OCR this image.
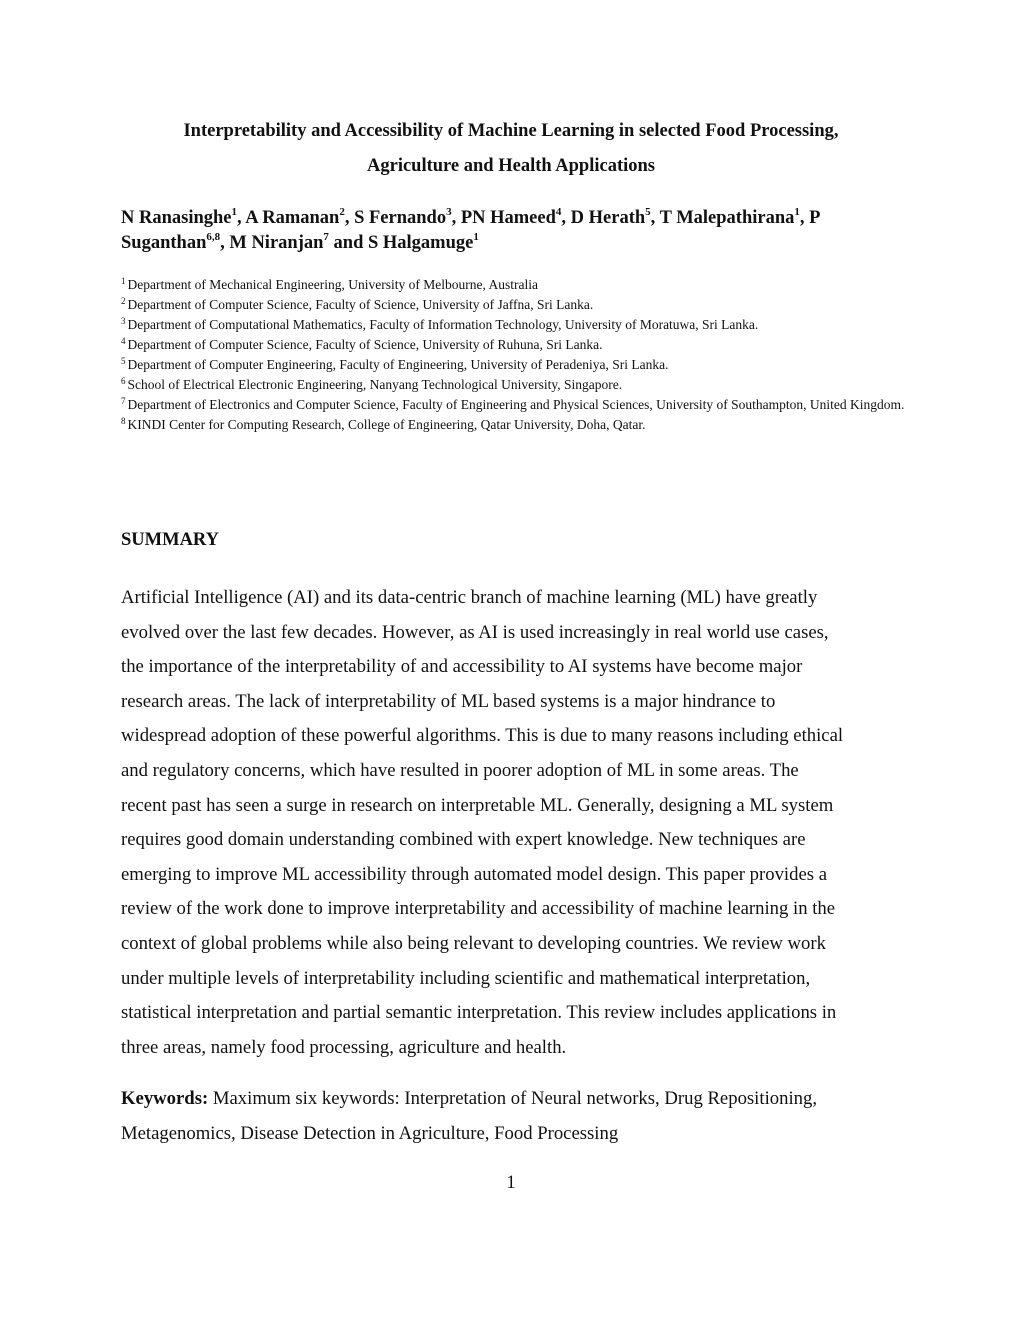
Interpretability and Accessibility of Machine Learning in selected Food Processing,
Agriculture and Health Applications
N Ranasinghe$^1$, A Ramanan$^2$, S Fernando$^3$, PN Hameed$^4$, D Herath$^5$, T Malepathirana$^1$, P Suganthan$^{6,8}$, M Niranjan$^7$ and S Halgamuge$^1$
$^1$ Department of Mechanical Engineering, University of Melbourne, Australia
$^2$ Department of Computer Science, Faculty of Science, University of Jaffna, Sri Lanka.
$^3$ Department of Computational Mathematics, Faculty of Information Technology, University of Moratuwa, Sri Lanka.
$^4$ Department of Computer Science, Faculty of Science, University of Ruhuna, Sri Lanka.
$^5$ Department of Computer Engineering, Faculty of Engineering, University of Peradeniya, Sri Lanka.
$^6$ School of Electrical Electronic Engineering, Nanyang Technological University, Singapore.
$^7$ Department of Electronics and Computer Science, Faculty of Engineering and Physical Sciences, University of Southampton, United Kingdom.
$^8$ KINDI Center for Computing Research, College of Engineering, Qatar University, Doha, Qatar.
SUMMARY
Artificial Intelligence (AI) and its data-centric branch of machine learning (ML) have greatly
evolved over the last few decades. However, as AI is used increasingly in real world use cases,
the importance of the interpretability of and accessibility to AI systems have become major
research areas. The lack of interpretability of ML based systems is a major hindrance to
widespread adoption of these powerful algorithms. This is due to many reasons including ethical
and regulatory concerns, which have resulted in poorer adoption of ML in some areas. The
recent past has seen a surge in research on interpretable ML. Generally, designing a ML system
requires good domain understanding combined with expert knowledge. New techniques are
emerging to improve ML accessibility through automated model design. This paper provides a
review of the work done to improve interpretability and accessibility of machine learning in the
context of global problems while also being relevant to developing countries. We review work
under multiple levels of interpretability including scientific and mathematical interpretation,
statistical interpretation and partial semantic interpretation. This review includes applications in
three areas, namely food processing, agriculture and health.
Keywords: Maximum six keywords: Interpretation of Neural networks, Drug Repositioning,
Metagenomics, Disease Detection in Agriculture, Food Processing
1
